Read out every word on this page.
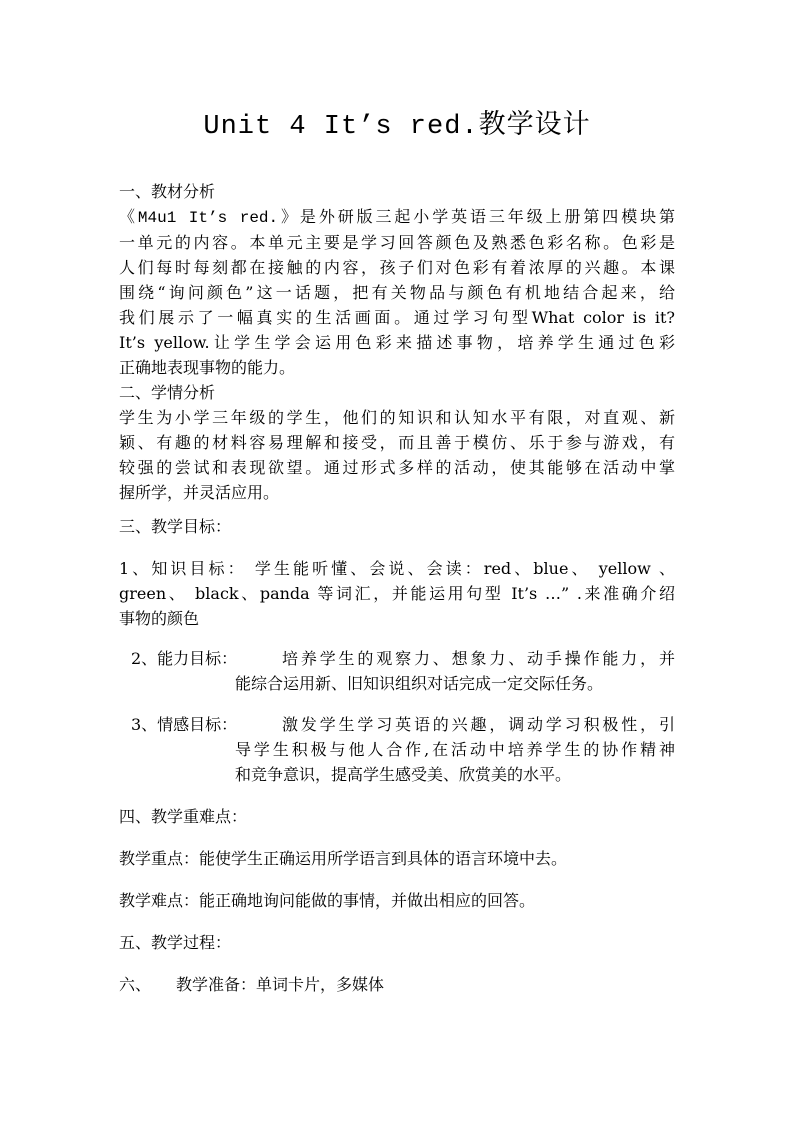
Unit 4 It’s red.教学设计
一、教材分析
《M4u1 It’s red.》是外研版三起小学英语三年级上册第四模块第
一单元的内容。本单元主要是学习回答颜色及熟悉色彩名称。色彩是
人们每时每刻都在接触的内容，孩子们对色彩有着浓厚的兴趣。本课
围绕“询问颜色”这一话题，把有关物品与颜色有机地结合起来，给
我们展示了一幅真实的生活画面。通过学习句型What color is it?
It’s yellow.让学生学会运用色彩来描述事物，培养学生通过色彩
正确地表现事物的能力。
二、学情分析
学生为小学三年级的学生，他们的知识和认知水平有限，对直观、新
颖、有趣的材料容易理解和接受，而且善于模仿、乐于参与游戏，有
较强的尝试和表现欲望。通过形式多样的活动，使其能够在活动中掌
握所学，并灵活应用。
三、教学目标：
1、知识目标： 学生能听懂、会说、会读：red、blue、 yellow 、
green、 black、panda 等词汇，并能运用句型 It’s …” .来准确介绍
事物的颜色
2、能力目标：	培养学生的观察力、想象力、动手操作能力，并
能综合运用新、旧知识组织对话完成一定交际任务。
3、情感目标：	激发学生学习英语的兴趣，调动学习积极性，引
导学生积极与他人合作,在活动中培养学生的协作精神
和竞争意识，提高学生感受美、欣赏美的水平。
四、教学重难点：
教学重点：能使学生正确运用所学语言到具体的语言环境中去。
教学难点：能正确地询问能做的事情，并做出相应的回答。
五、教学过程：
六、 教学准备：单词卡片，多媒体
